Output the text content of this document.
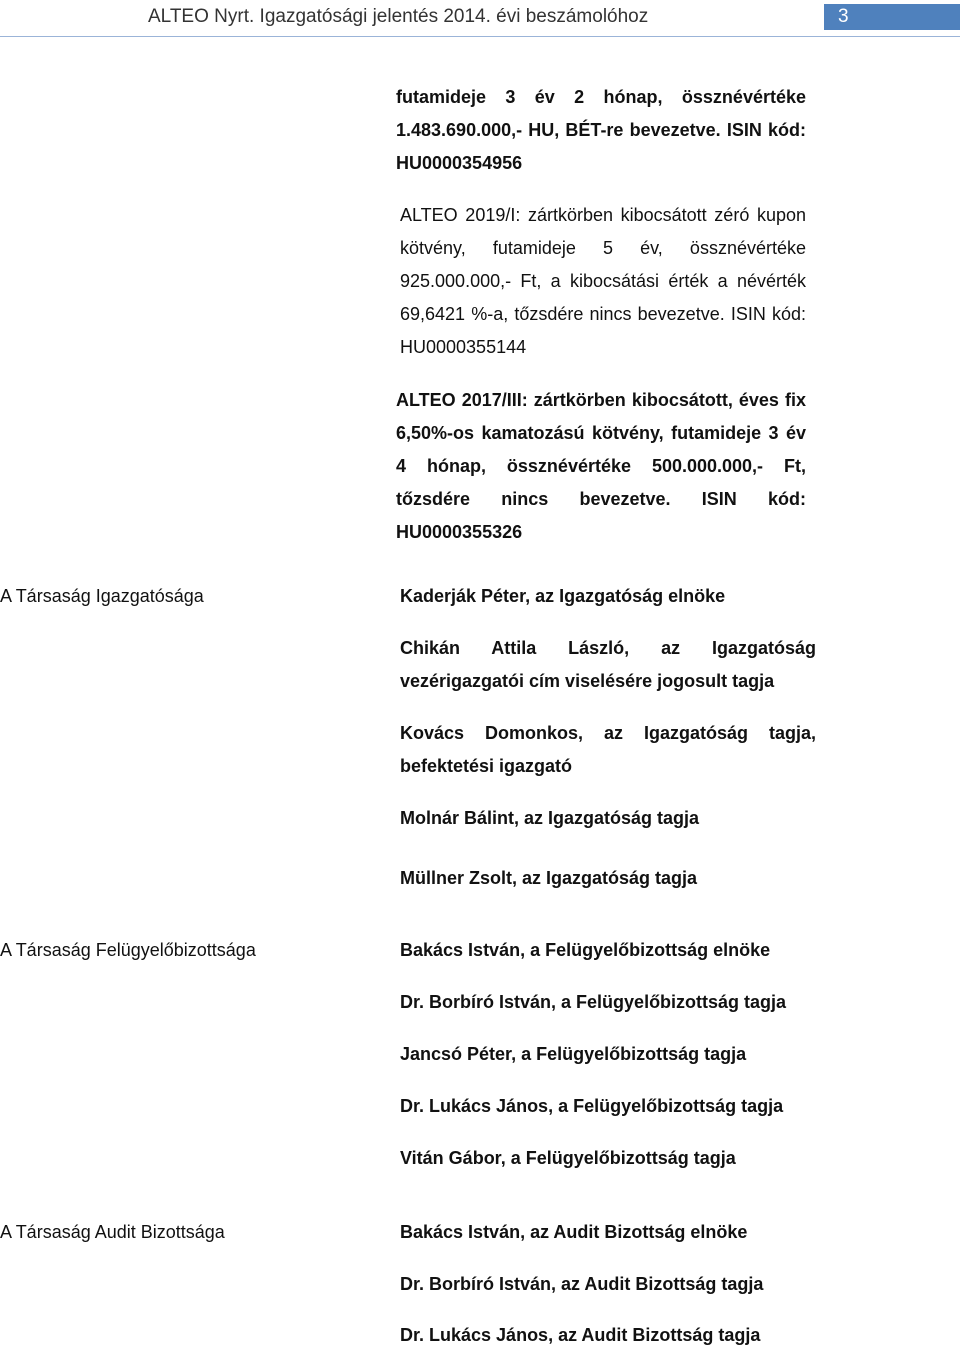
ALTEO Nyrt. Igazgatósági jelentés 2014. évi beszámolóhoz	3
futamideje 3 év 2 hónap, össznévértéke 1.483.690.000,- HU, BÉT-re bevezetve. ISIN kód: HU0000354956
ALTEO 2019/I: zártkörben kibocsátott zéró kupon kötvény, futamideje 5 év, össznévértéke 925.000.000,- Ft, a kibocsátási érték a névérték 69,6421 %-a, tőzsdére nincs bevezetve. ISIN kód: HU0000355144
ALTEO 2017/III: zártkörben kibocsátott, éves fix 6,50%-os kamatozású kötvény, futamideje 3 év 4 hónap, össznévértéke 500.000.000,- Ft, tőzsdére nincs bevezetve. ISIN kód: HU0000355326
A Társaság Igazgatósága	Kaderják Péter, az Igazgatóság elnöke
Chikán Attila László, az Igazgatóság vezérigazgatói cím viselésére jogosult tagja
Kovács Domonkos, az Igazgatóság tagja, befektetési igazgató
Molnár Bálint, az Igazgatóság tagja
Müllner Zsolt, az Igazgatóság tagja
A Társaság Felügyelőbizottsága	Bakács István, a Felügyelőbizottság elnöke
Dr. Borbíró István, a Felügyelőbizottság tagja
Jancsó Péter, a Felügyelőbizottság tagja
Dr. Lukács János, a Felügyelőbizottság tagja
Vitán Gábor, a Felügyelőbizottság tagja
A Társaság Audit Bizottsága	Bakács István, az Audit Bizottság elnöke
Dr. Borbíró István, az Audit Bizottság tagja
Dr. Lukács János, az Audit Bizottság tagja
